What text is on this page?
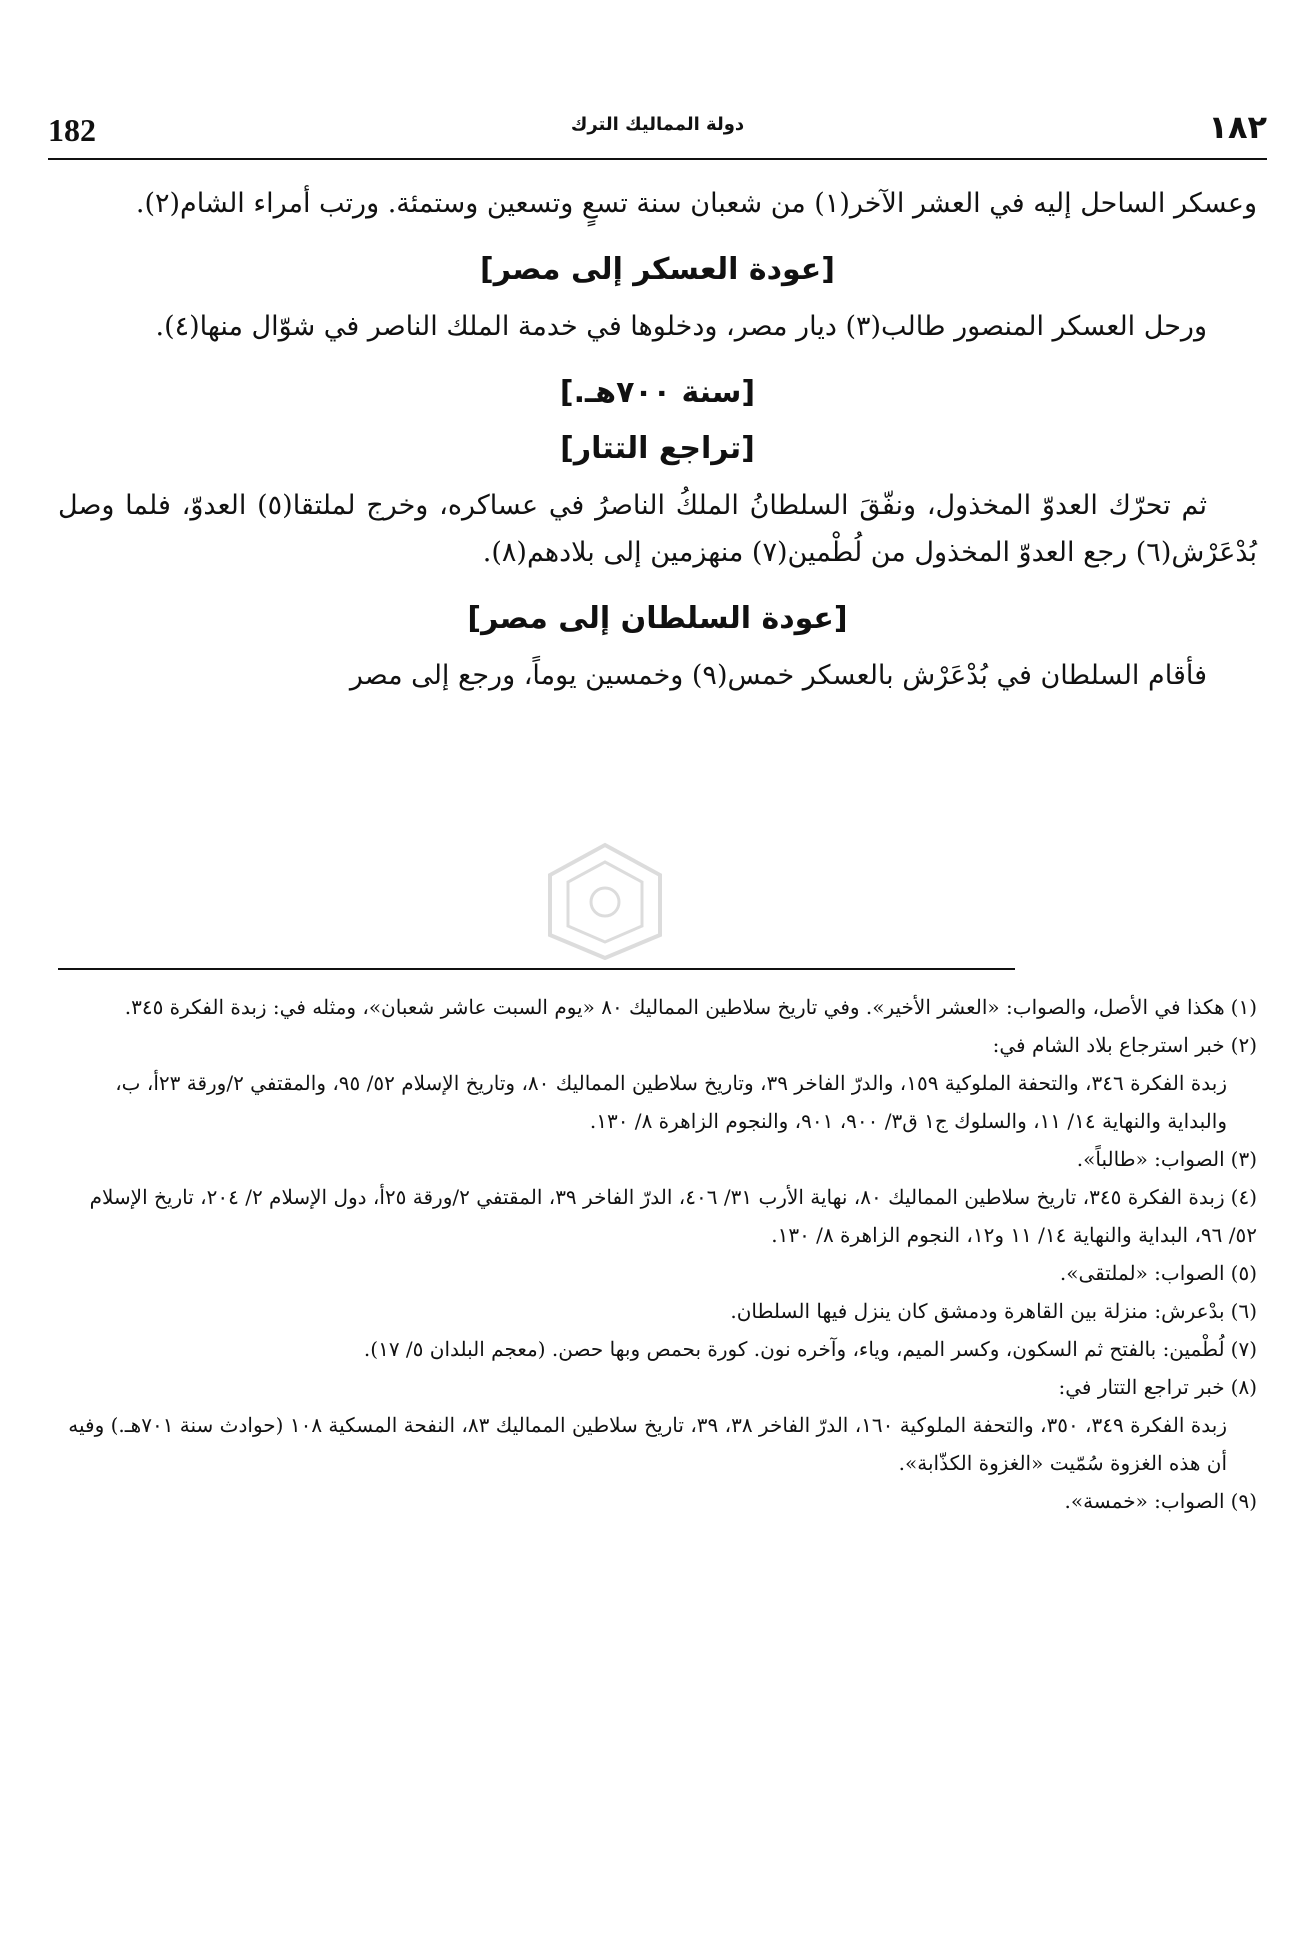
182	دولة المماليك الترك	١٨٢

وعسكر الساحل إليه في العشر الآخر(١) من شعبان سنة تسعٍ وتسعين وستمئة. ورتب أمراء الشام(٢).

[عودة العسكر إلى مصر]

ورحل العسكر المنصور طالب(٣) ديار مصر، ودخلوها في خدمة الملك الناصر في شوّال منها(٤).

[سنة ٧٠٠هـ.]
[تراجع التتار]

ثم تحرّك العدوّ المخذول، ونفّقَ السلطانُ الملكُ الناصرُ في عساكره، وخرج لملتقا(٥) العدوّ، فلما وصل بُدْعَرْش(٦) رجع العدوّ المخذول من لُطْمين(٧) منهزمين إلى بلادهم(٨).

[عودة السلطان إلى مصر]

فأقام السلطان في بُدْعَرْش بالعسكر خمس(٩) وخمسين يوماً، ورجع إلى مصر

(١)هكذا في الأصل، والصواب: «العشر الأخير». وفي تاريخ سلاطين المماليك ٨٠ «يوم السبت عاشر شعبان»، ومثله في: زبدة الفكرة ٣٤٥.

(٢)خبر استرجاع بلاد الشام في:

زبدة الفكرة ٣٤٦، والتحفة الملوكية ١٥٩، والدرّ الفاخر ٣٩، وتاريخ سلاطين المماليك ٨٠، وتاريخ الإسلام ٥٢/ ٩٥، والمقتفي ٢/ورقة ٢٣أ، ب، والبداية والنهاية ١٤/ ١١، والسلوك ج١ ق٣/ ٩٠٠، ٩٠١، والنجوم الزاهرة ٨/ ١٣٠.

(٣)الصواب: «طالباً».

(٤)زبدة الفكرة ٣٤٥، تاريخ سلاطين المماليك ٨٠، نهاية الأرب ٣١/ ٤٠٦، الدرّ الفاخر ٣٩، المقتفي ٢/ورقة ٢٥أ، دول الإسلام ٢/ ٢٠٤، تاريخ الإسلام ٥٢/ ٩٦، البداية والنهاية ١٤/ ١١ و١٢، النجوم الزاهرة ٨/ ١٣٠.

(٥)الصواب: «لملتقى».

(٦)بدْعرش: منزلة بين القاهرة ودمشق كان ينزل فيها السلطان.

(٧)لُطْمين: بالفتح ثم السكون، وكسر الميم، وياء، وآخره نون. كورة بحمص وبها حصن. (معجم البلدان ٥/ ١٧).

(٨)خبر تراجع التتار في:

زبدة الفكرة ٣٤٩، ٣٥٠، والتحفة الملوكية ١٦٠، الدرّ الفاخر ٣٨، ٣٩، تاريخ سلاطين المماليك ٨٣، النفحة المسكية ١٠٨ (حوادث سنة ٧٠١هـ.) وفيه أن هذه الغزوة سُمّيت «الغزوة الكذّابة».

(٩)الصواب: «خمسة».
